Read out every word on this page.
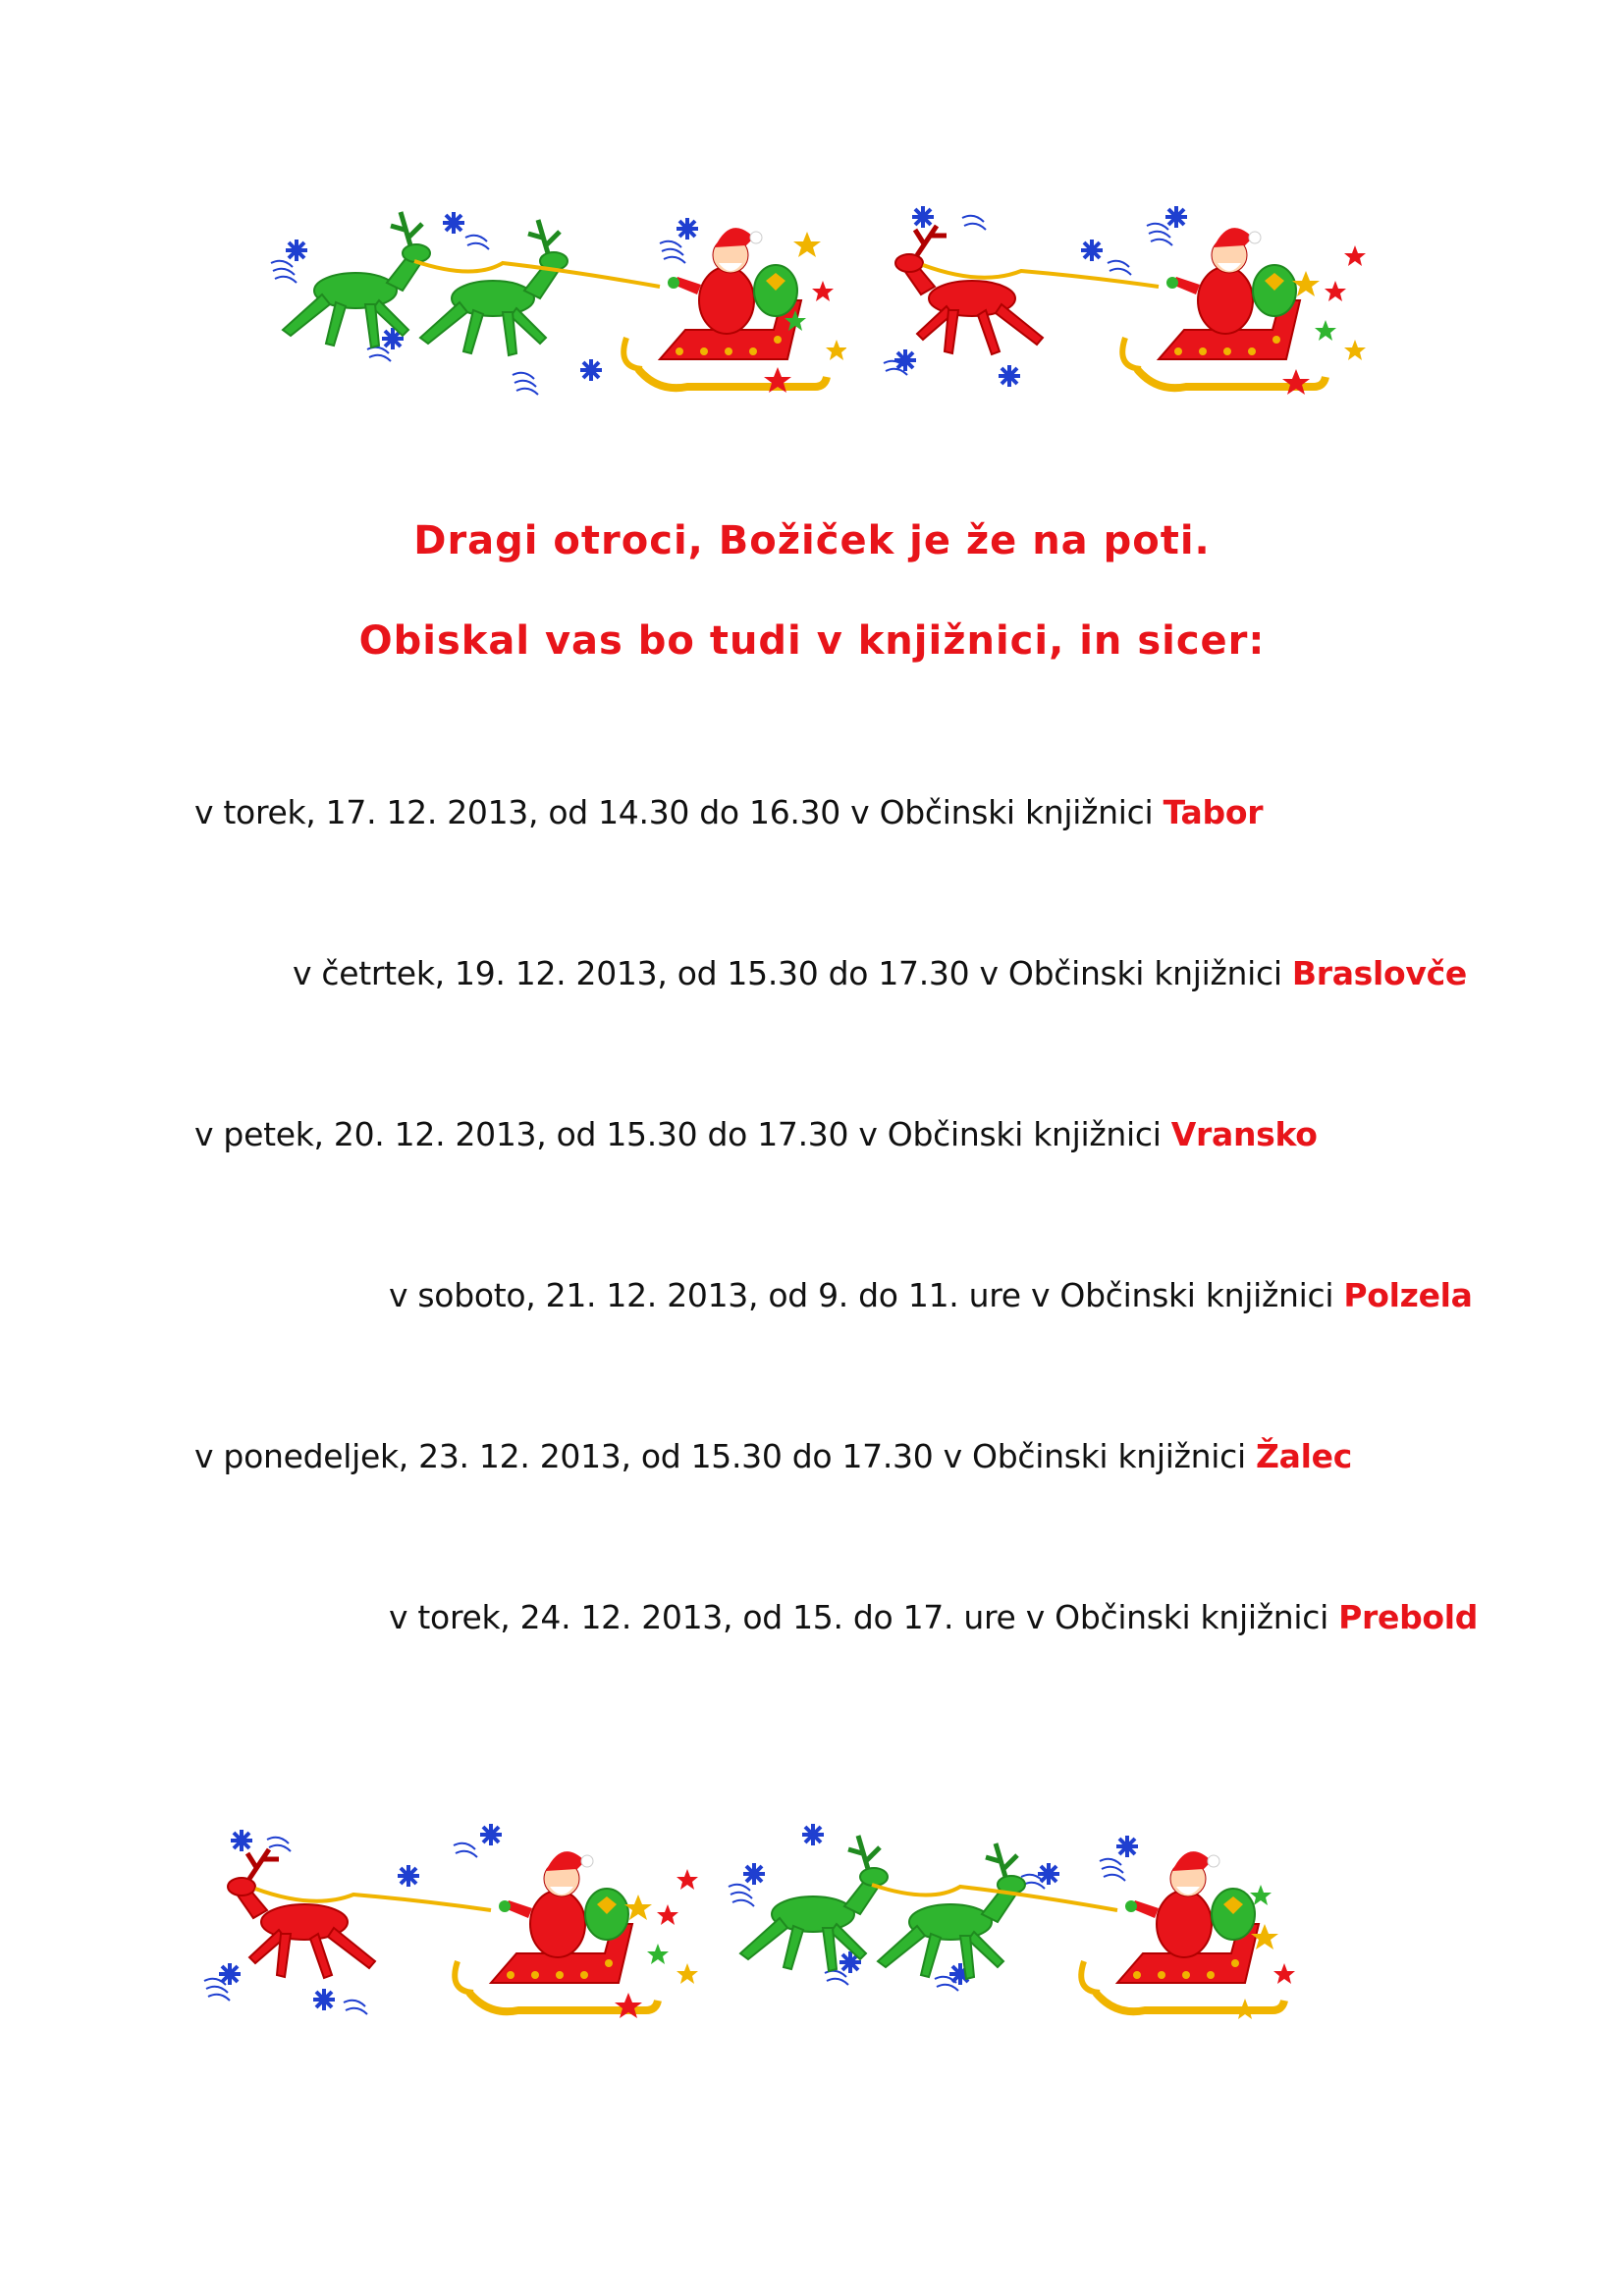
Dragi otroci, Božiček je že na poti.
Obiskal vas bo tudi v knjižnici, in sicer:
v torek, 17. 12. 2013, od 14.30 do 16.30 v Občinski knjižnici Tabor
v četrtek, 19. 12. 2013, od 15.30 do 17.30 v Občinski knjižnici Braslovče
v petek, 20. 12. 2013, od 15.30 do 17.30 v Občinski knjižnici Vransko
v soboto, 21. 12. 2013, od 9. do 11. ure v Občinski knjižnici Polzela
v ponedeljek, 23. 12. 2013, od 15.30 do 17.30 v Občinski knjižnici Žalec
v torek, 24. 12. 2013, od 15. do 17. ure v Občinski knjižnici Prebold
